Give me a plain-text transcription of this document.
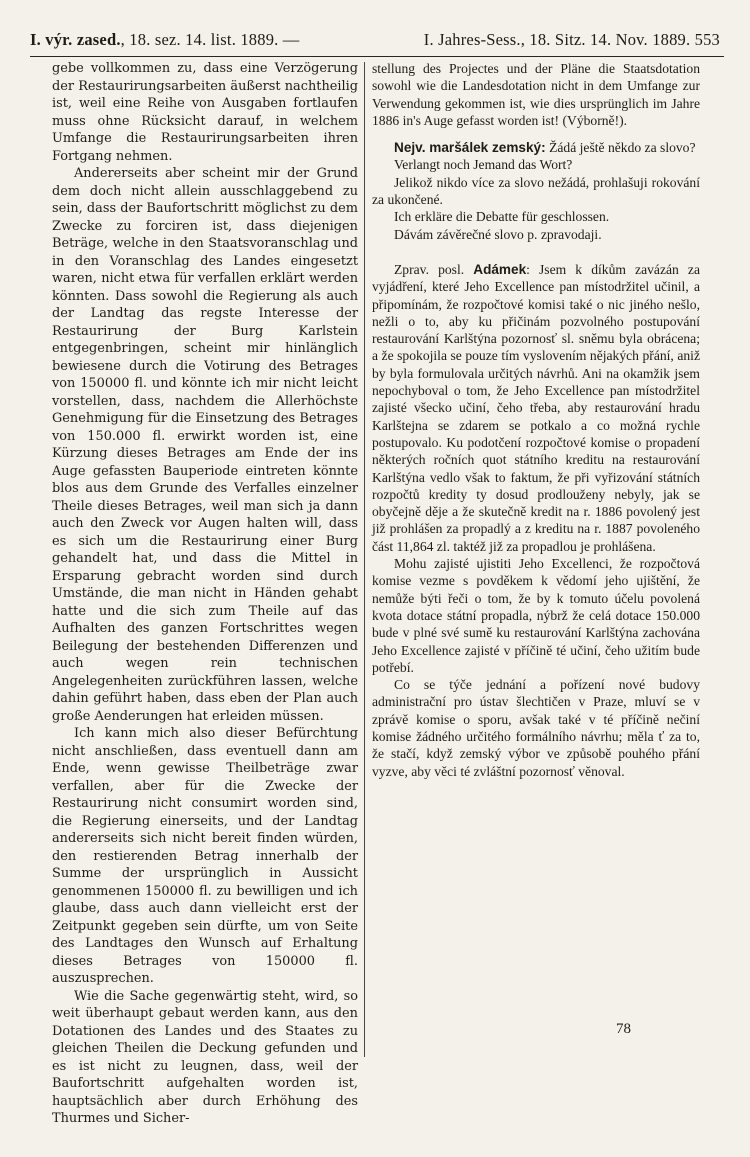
I. výr. zased., 18. sez. 14. list. 1889. —	I. Jahres-Sess., 18. Sitz. 14. Nov. 1889. 553

gebe vollkommen zu, dass eine Verzögerung der Restaurirungsarbeiten äußerst nachtheilig ist, weil eine Reihe von Ausgaben fortlaufen muss ohne Rücksicht darauf, in welchem Umfange die Restaurirungsarbeiten ihren Fortgang nehmen.

Andererseits aber scheint mir der Grund dem doch nicht allein ausschlaggebend zu sein, dass der Baufortschritt möglichst zu dem Zwecke zu forciren ist, dass diejenigen Beträge, welche in den Staatsvoranschlag und in den Voranschlag des Landes eingesetzt waren, nicht etwa für verfallen erklärt werden könnten. Dass sowohl die Regierung als auch der Landtag das regste Interesse der Restaurirung der Burg Karlstein entgegenbringen, scheint mir hinlänglich bewiesene durch die Votirung des Betrages von 150000 fl. und könnte ich mir nicht leicht vorstellen, dass, nachdem die Allerhöchste Genehmigung für die Einsetzung des Betrages von 150.000 fl. erwirkt worden ist, eine Kürzung dieses Betrages am Ende der ins Auge gefassten Bauperiode eintreten könnte blos aus dem Grunde des Verfalles einzelner Theile dieses Betrages, weil man sich ja dann auch den Zweck vor Augen halten will, dass es sich um die Restaurirung einer Burg gehandelt hat, und dass die Mittel in Ersparung gebracht worden sind durch Umstände, die man nicht in Händen gehabt hatte und die sich zum Theile auf das Aufhalten des ganzen Fortschrittes wegen Beilegung der bestehenden Differenzen und auch wegen rein technischen Angelegenheiten zurückführen lassen, welche dahin geführt haben, dass eben der Plan auch große Aenderungen hat erleiden müssen.

Ich kann mich also dieser Befürchtung nicht anschließen, dass eventuell dann am Ende, wenn gewisse Theilbeträge zwar verfallen, aber für die Zwecke der Restaurirung nicht consumirt worden sind, die Regierung einerseits, und der Landtag andererseits sich nicht bereit finden würden, den restierenden Betrag innerhalb der Summe der ursprünglich in Aussicht genommenen 150000 fl. zu bewilligen und ich glaube, dass auch dann vielleicht erst der Zeitpunkt gegeben sein dürfte, um von Seite des Landtages den Wunsch auf Erhaltung dieses Betrages von 150000 fl. auszusprechen.

Wie die Sache gegenwärtig steht, wird, so weit überhaupt gebaut werden kann, aus den Dotationen des Landes und des Staates zu gleichen Theilen die Deckung gefunden und es ist nicht zu leugnen, dass, weil der Baufortschritt aufgehalten worden ist, hauptsächlich aber durch Erhöhung des Thurmes und Sicher-

stellung des Projectes und der Pläne die Staatsdotation sowohl wie die Landesdotation nicht in dem Umfange zur Verwendung gekommen ist, wie dies ursprünglich im Jahre 1886 in's Auge gefasst worden ist! (Výborně!).

Nejv. maršálek zemský: Žádá ještě někdo za slovo?

Verlangt noch Jemand das Wort?

Jelikož nikdo více za slovo nežádá, prohlašuji rokování za ukončené.

Ich erkläre die Debatte für geschlossen.

Dávám závěrečné slovo p. zpravodaji.

Zprav. posl. Adámek: Jsem k díkům zavázán za vyjádření, které Jeho Excellence pan místodržitel učinil, a připomínám, že rozpočtové komisi také o nic jiného nešlo, nežli o to, aby ku přičinám pozvolného postupování restaurování Karlštýna pozornosť sl. sněmu byla obrácena; a že spokojila se pouze tím vyslovením nějakých přání, aniž by byla formulovala určitých návrhů. Ani na okamžik jsem nepochyboval o tom, že Jeho Excellence pan místodržitel zajisté všecko učiní, čeho třeba, aby restaurování hradu Karlštejna se zdarem se potkalo a co možná rychle postupovalo. Ku podotčení rozpočtové komise o propadení některých ročních quot státního kreditu na restaurování Karlštýna vedlo však to faktum, že při vyřizování státních rozpočtů kredity ty dosud prodlouženy nebyly, jak se obyčejně děje a že skutečně kredit na r. 1886 povolený jest již prohlášen za propadlý a z kreditu na r. 1887 povoleného část 11,864 zl. taktéž již za propadlou je prohlášena.

Mohu zajisté ujistiti Jeho Excellenci, že rozpočtová komise vezme s povděkem k vědomí jeho ujištění, že nemůže býti řeči o tom, že by k tomuto účelu povolená kvota dotace státní propadla, nýbrž že celá dotace 150.000 bude v plné své sumě ku restaurování Karlštýna zachována Jeho Excellence zajisté v příčině té učiní, čeho užitím bude potřebí.

Co se týče jednání a pořízení nové budovy administrační pro ústav šlechtičen v Praze, mluví se v zprávě komise o sporu, avšak také v té příčině nečiní komise žádného určitého formálního návrhu; měla ť za to, že stačí, když zemský výbor ve způsobě pouhého přání vyzve, aby věci té zvláštní pozornosť věnoval.

78
